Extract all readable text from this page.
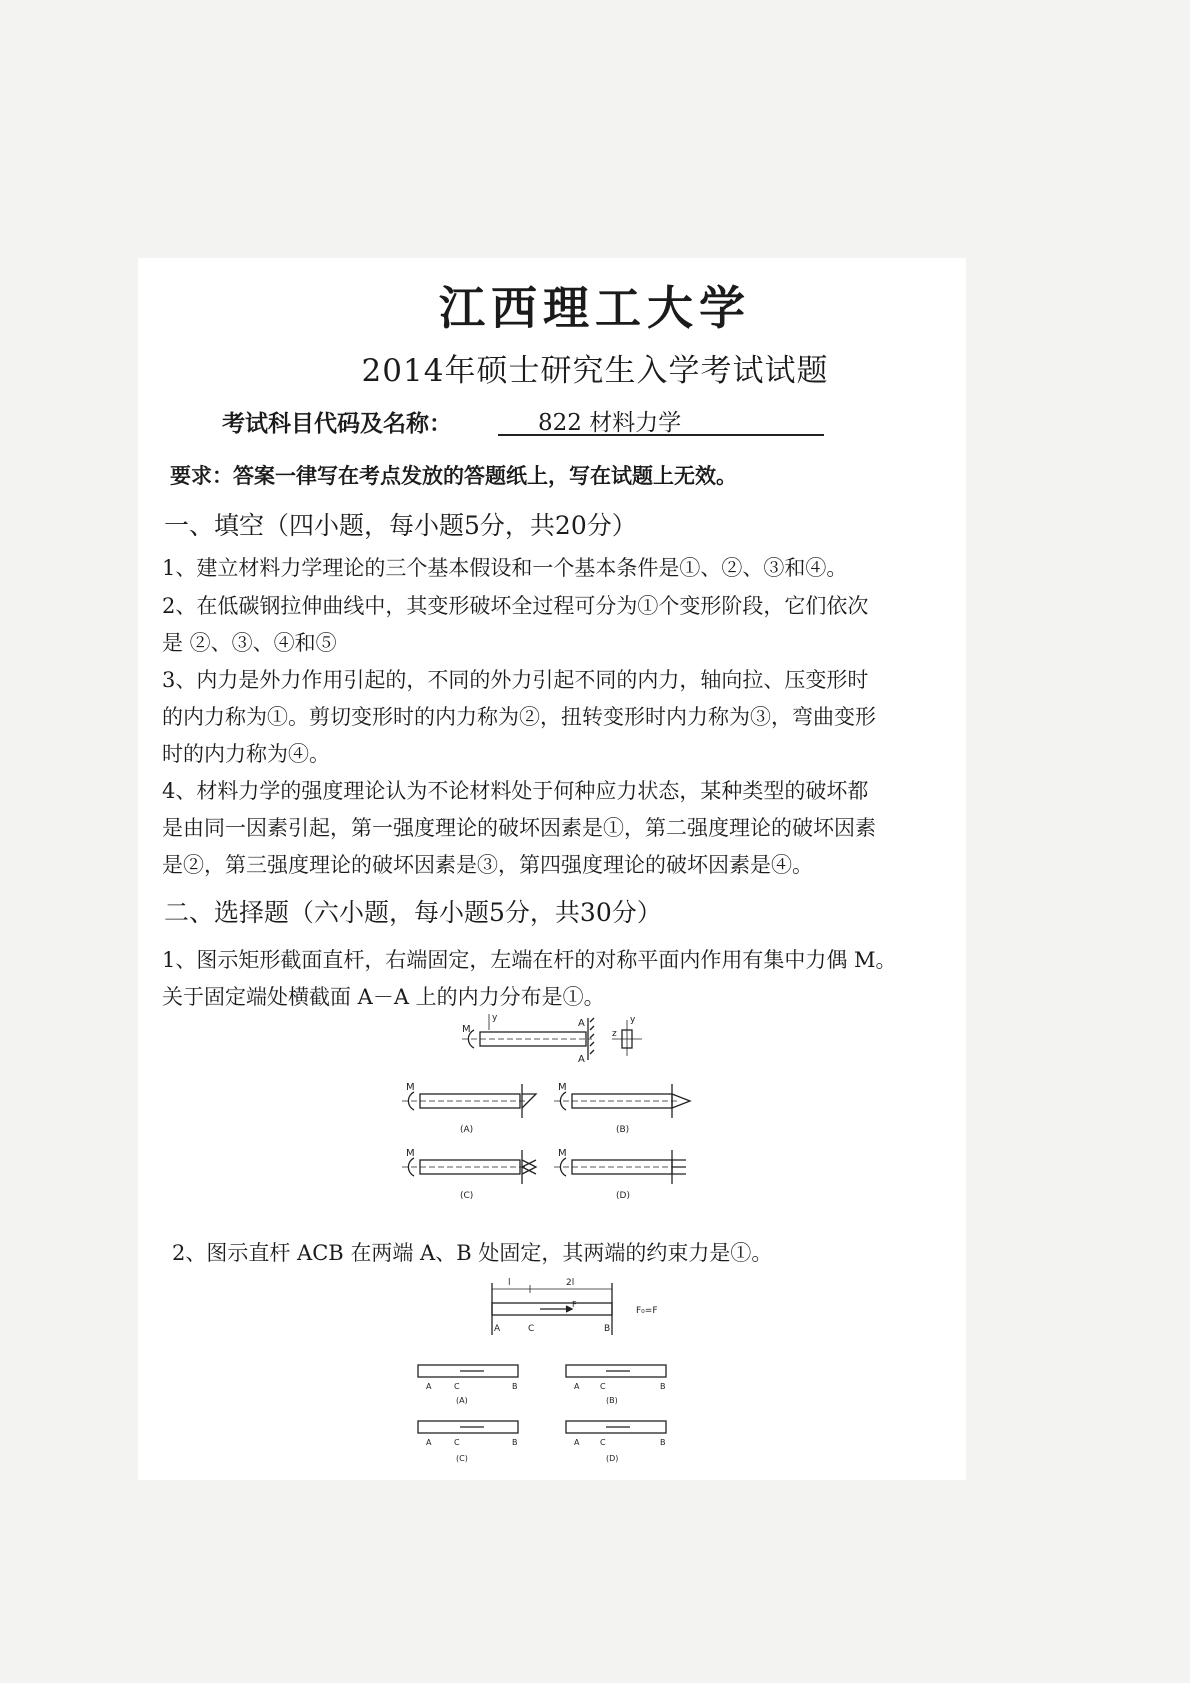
江西理工大学
2014年硕士研究生入学考试试题
考试科目代码及名称：	822 材料力学
要求：答案一律写在考点发放的答题纸上，写在试题上无效。
一、填空（四小题，每小题5分，共20分）
1、建立材料力学理论的三个基本假设和一个基本条件是①、②、③和④。
2、在低碳钢拉伸曲线中，其变形破坏全过程可分为①个变形阶段，它们依次
是 ②、③、④和⑤
3、内力是外力作用引起的，不同的外力引起不同的内力，轴向拉、压变形时
的内力称为①。剪切变形时的内力称为②，扭转变形时内力称为③，弯曲变形
时的内力称为④。
4、材料力学的强度理论认为不论材料处于何种应力状态，某种类型的破坏都
是由同一因素引起，第一强度理论的破坏因素是①，第二强度理论的破坏因素
是②，第三强度理论的破坏因素是③，第四强度理论的破坏因素是④。
二、选择题（六小题，每小题5分，共30分）
1、图示矩形截面直杆，右端固定，左端在杆的对称平面内作用有集中力偶 M。
关于固定端处横截面 A－A 上的内力分布是①。
M
A
A
y	y
z
M
(A)
M
(B)
M
(C)
M
(D)
2、图示直杆 ACB 在两端 A、B 处固定，其两端的约束力是①。
l	2l
A	C	B
F
F₀=F
A	C	B
(A)
A	C	B
(B)
A	C	B
(C)
A	C	B
(D)
